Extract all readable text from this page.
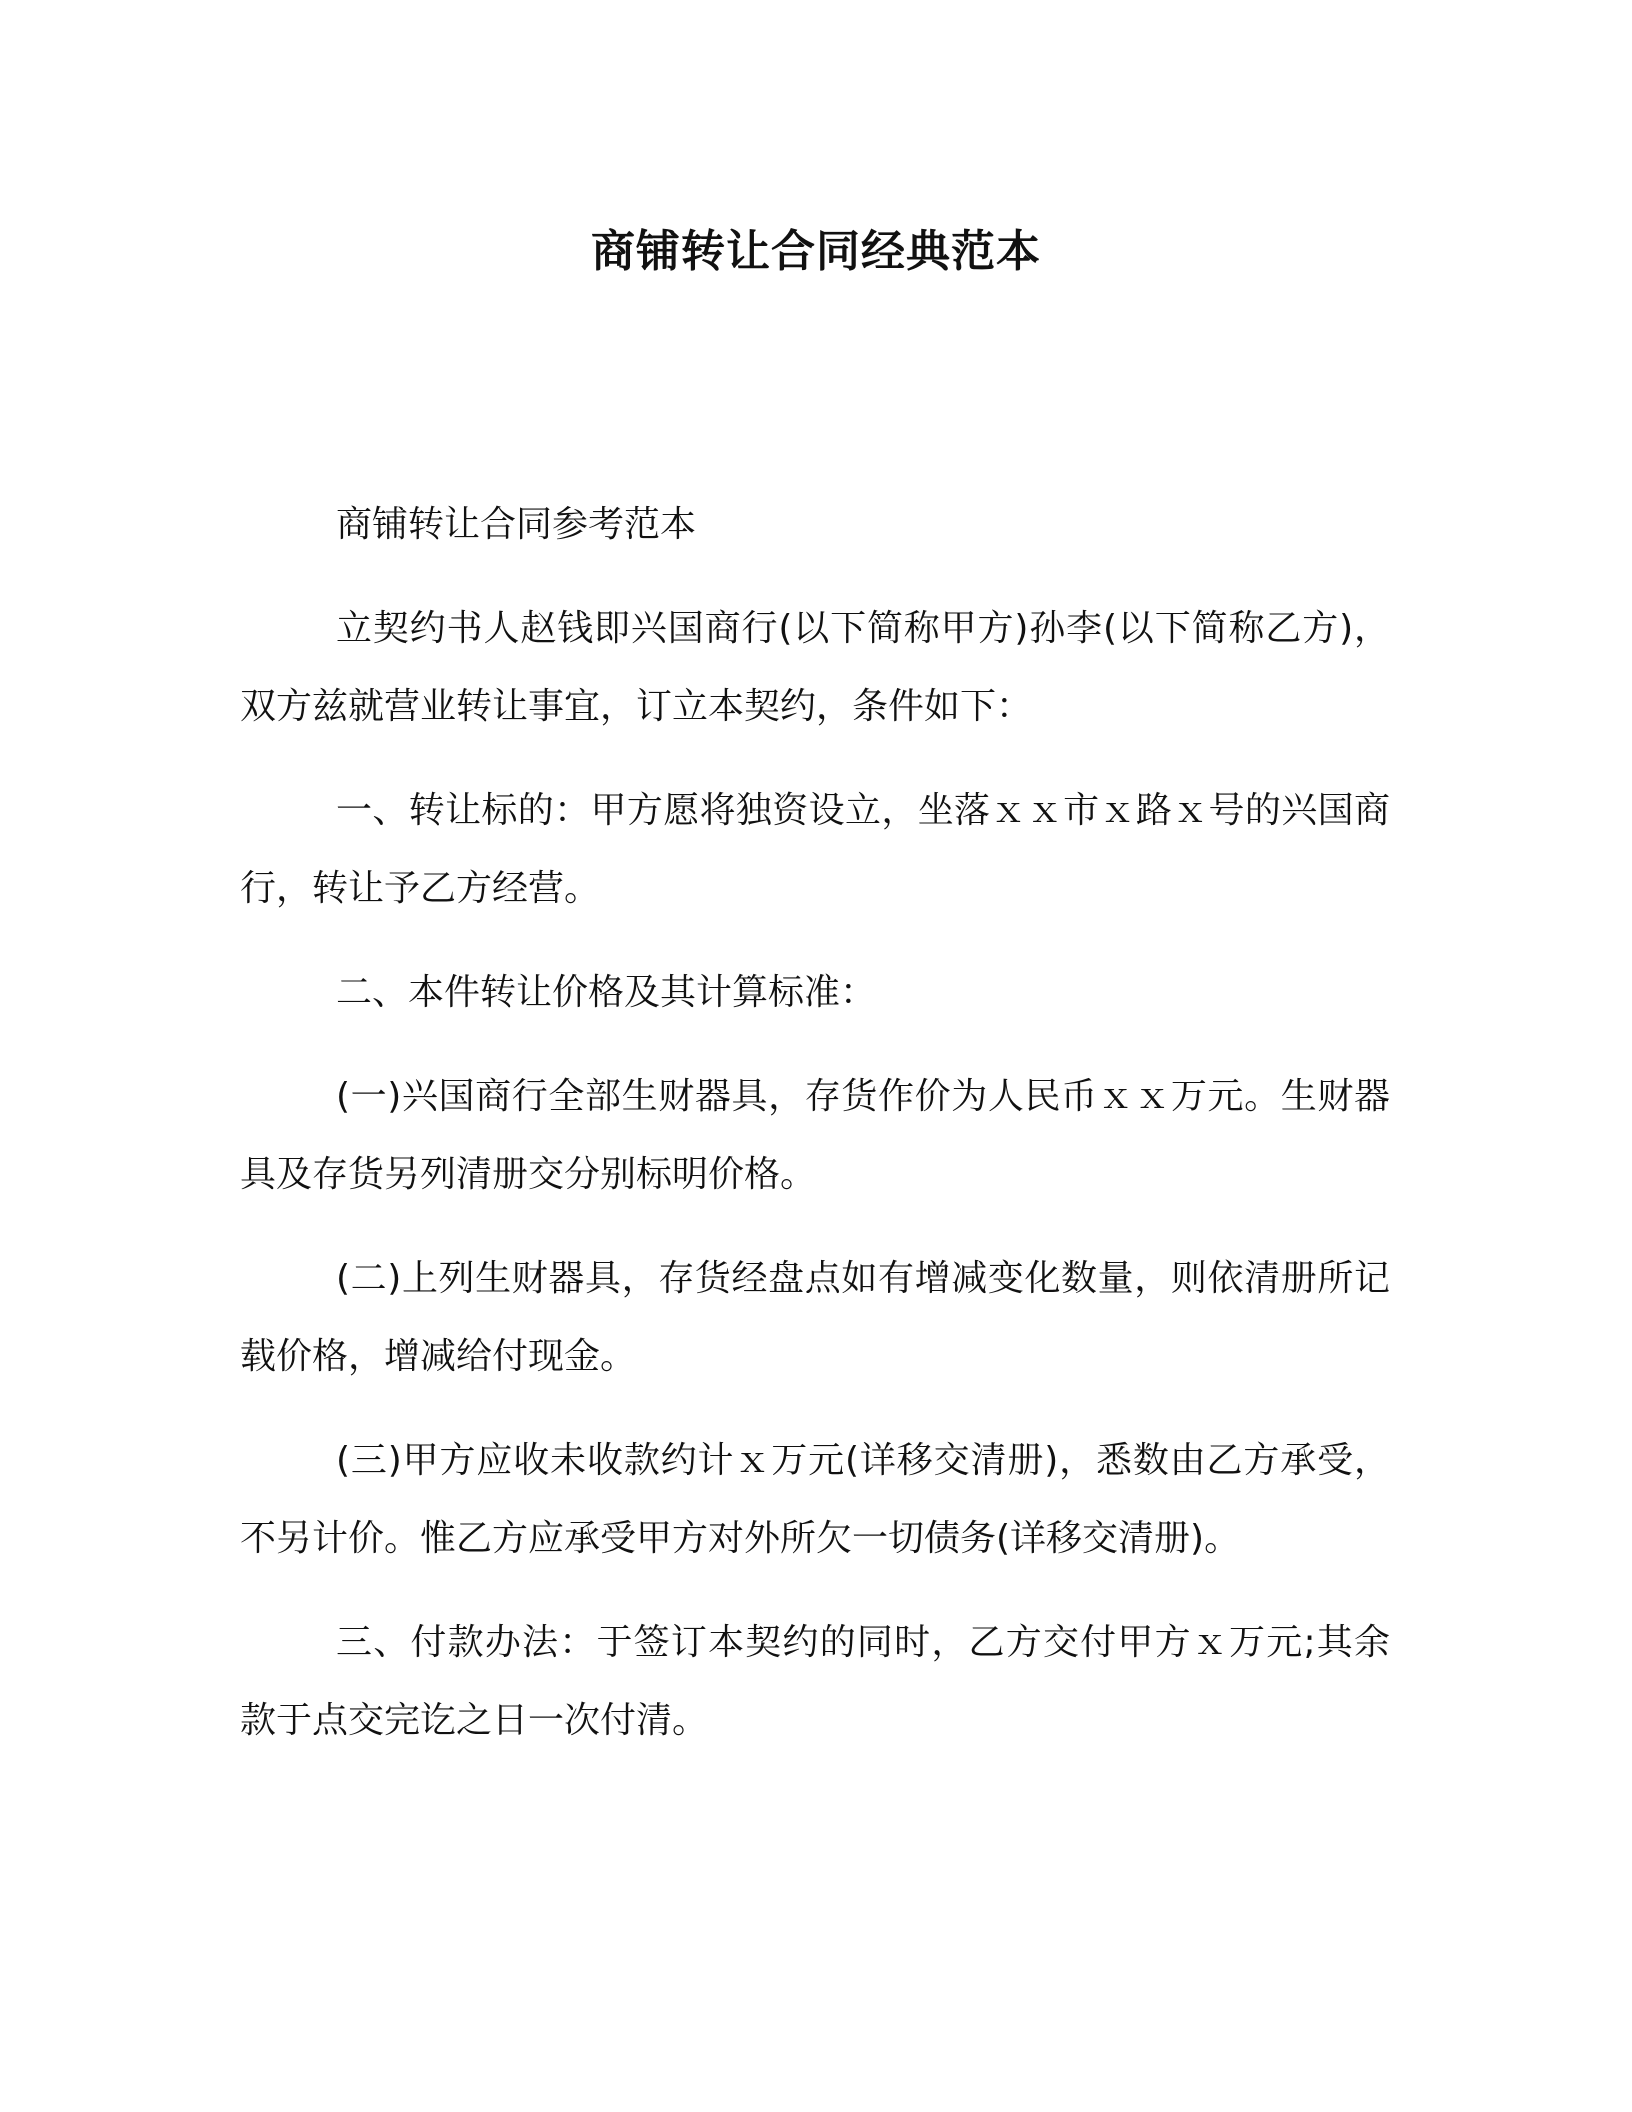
商铺转让合同经典范本

商铺转让合同参考范本

立契约书人赵钱即兴国商行(以下简称甲方)孙李(以下简称乙方)，双方兹就营业转让事宜，订立本契约，条件如下：

一、转让标的：甲方愿将独资设立，坐落ｘｘ市ｘ路ｘ号的兴国商行，转让予乙方经营。

二、本件转让价格及其计算标准：

(一)兴国商行全部生财器具，存货作价为人民币ｘｘ万元。生财器具及存货另列清册交分别标明价格。

(二)上列生财器具，存货经盘点如有增减变化数量，则依清册所记载价格，增减给付现金。

(三)甲方应收未收款约计ｘ万元(详移交清册)，悉数由乙方承受，不另计价。惟乙方应承受甲方对外所欠一切债务(详移交清册)。

三、付款办法：于签订本契约的同时，乙方交付甲方ｘ万元;其余款于点交完讫之日一次付清。
